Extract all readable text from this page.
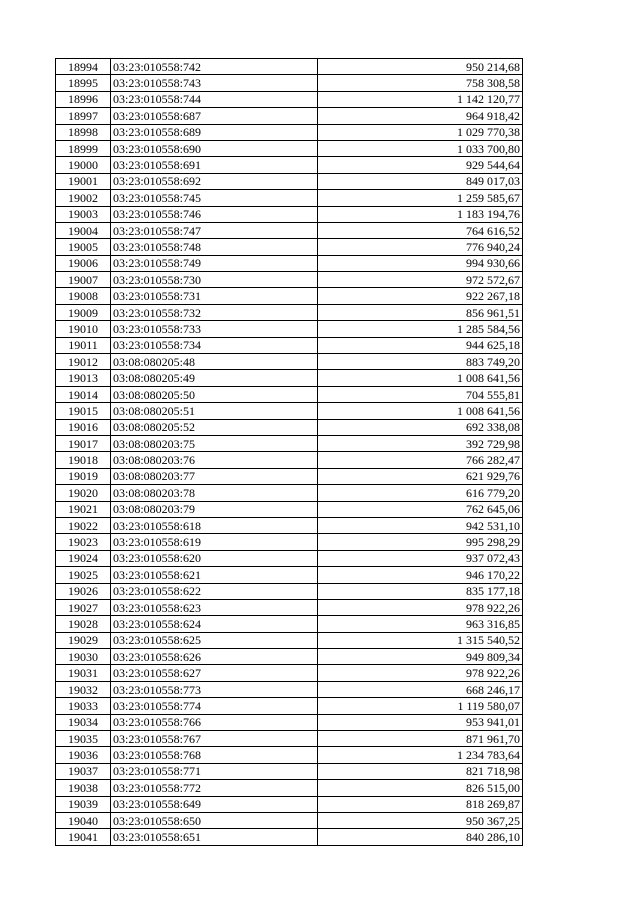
18994	03:23:010558:742	950 214,68
18995	03:23:010558:743	758 308,58
18996	03:23:010558:744	1 142 120,77
18997	03:23:010558:687	964 918,42
18998	03:23:010558:689	1 029 770,38
18999	03:23:010558:690	1 033 700,80
19000	03:23:010558:691	929 544,64
19001	03:23:010558:692	849 017,03
19002	03:23:010558:745	1 259 585,67
19003	03:23:010558:746	1 183 194,76
19004	03:23:010558:747	764 616,52
19005	03:23:010558:748	776 940,24
19006	03:23:010558:749	994 930,66
19007	03:23:010558:730	972 572,67
19008	03:23:010558:731	922 267,18
19009	03:23:010558:732	856 961,51
19010	03:23:010558:733	1 285 584,56
19011	03:23:010558:734	944 625,18
19012	03:08:080205:48	883 749,20
19013	03:08:080205:49	1 008 641,56
19014	03:08:080205:50	704 555,81
19015	03:08:080205:51	1 008 641,56
19016	03:08:080205:52	692 338,08
19017	03:08:080203:75	392 729,98
19018	03:08:080203:76	766 282,47
19019	03:08:080203:77	621 929,76
19020	03:08:080203:78	616 779,20
19021	03:08:080203:79	762 645,06
19022	03:23:010558:618	942 531,10
19023	03:23:010558:619	995 298,29
19024	03:23:010558:620	937 072,43
19025	03:23:010558:621	946 170,22
19026	03:23:010558:622	835 177,18
19027	03:23:010558:623	978 922,26
19028	03:23:010558:624	963 316,85
19029	03:23:010558:625	1 315 540,52
19030	03:23:010558:626	949 809,34
19031	03:23:010558:627	978 922,26
19032	03:23:010558:773	668 246,17
19033	03:23:010558:774	1 119 580,07
19034	03:23:010558:766	953 941,01
19035	03:23:010558:767	871 961,70
19036	03:23:010558:768	1 234 783,64
19037	03:23:010558:771	821 718,98
19038	03:23:010558:772	826 515,00
19039	03:23:010558:649	818 269,87
19040	03:23:010558:650	950 367,25
19041	03:23:010558:651	840 286,10
